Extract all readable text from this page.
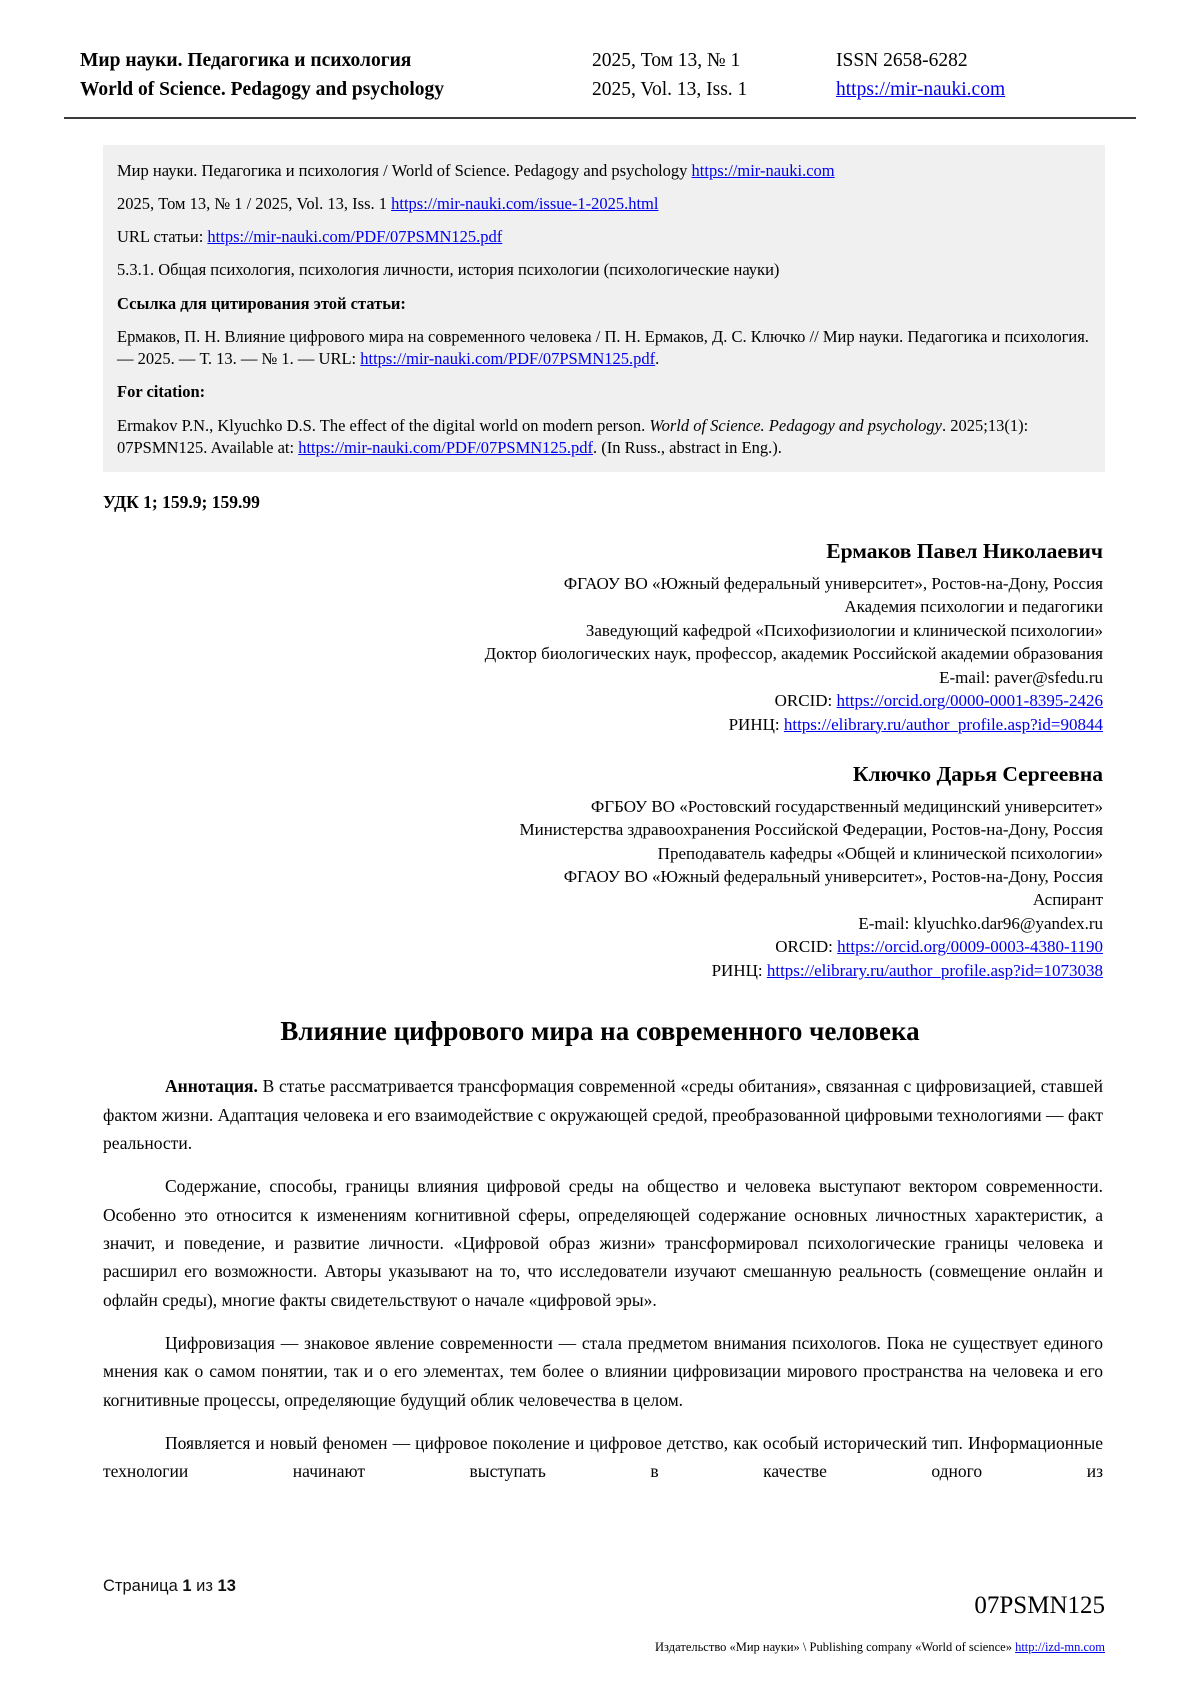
Мир науки. Педагогика и психология
World of Science. Pedagogy and psychology
2025, Том 13, № 1
2025, Vol. 13, Iss. 1
ISSN 2658-6282
https://mir-nauki.com

Мир науки. Педагогика и психология / World of Science. Pedagogy and psychology https://mir-nauki.com

2025, Том 13, № 1 / 2025, Vol. 13, Iss. 1 https://mir-nauki.com/issue-1-2025.html

URL статьи: https://mir-nauki.com/PDF/07PSMN125.pdf

5.3.1. Общая психология, психология личности, история психологии (психологические науки)

Ссылка для цитирования этой статьи:

Ермаков, П. Н. Влияние цифрового мира на современного человека / П. Н. Ермаков, Д. С. Ключко // Мир науки. Педагогика и психология. — 2025. — Т. 13. — № 1. — URL: https://mir-nauki.com/PDF/07PSMN125.pdf.

For citation:

Ermakov P.N., Klyuchko D.S. The effect of the digital world on modern person. World of Science. Pedagogy and psychology. 2025;13(1): 07PSMN125. Available at: https://mir-nauki.com/PDF/07PSMN125.pdf. (In Russ., abstract in Eng.).

УДК 1; 159.9; 159.99
Ермаков Павел Николаевич
ФГАОУ ВО «Южный федеральный университет», Ростов-на-Дону, Россия
Академия психологии и педагогики
Заведующий кафедрой «Психофизиологии и клинической психологии»
Доктор биологических наук, профессор, академик Российской академии образования
E-mail: paver@sfedu.ru
ORCID: https://orcid.org/0000-0001-8395-2426
РИНЦ: https://elibrary.ru/author_profile.asp?id=90844
Ключко Дарья Сергеевна
ФГБОУ ВО «Ростовский государственный медицинский университет»
Министерства здравоохранения Российской Федерации, Ростов-на-Дону, Россия
Преподаватель кафедры «Общей и клинической психологии»
ФГАОУ ВО «Южный федеральный университет», Ростов-на-Дону, Россия
Аспирант
E-mail: klyuchko.dar96@yandex.ru
ORCID: https://orcid.org/0009-0003-4380-1190
РИНЦ: https://elibrary.ru/author_profile.asp?id=1073038
Влияние цифрового мира на современного человека

Аннотация. В статье рассматривается трансформация современной «среды обитания», связанная с цифровизацией, ставшей фактом жизни. Адаптация человека и его взаимодействие с окружающей средой, преобразованной цифровыми технологиями — факт реальности.

Содержание, способы, границы влияния цифровой среды на общество и человека выступают вектором современности. Особенно это относится к изменениям когнитивной сферы, определяющей содержание основных личностных характеристик, а значит, и поведение, и развитие личности. «Цифровой образ жизни» трансформировал психологические границы человека и расширил его возможности. Авторы указывают на то, что исследователи изучают смешанную реальность (совмещение онлайн и офлайн среды), многие факты свидетельствуют о начале «цифровой эры».

Цифровизация — знаковое явление современности — стала предметом внимания психологов. Пока не существует единого мнения как о самом понятии, так и о его элементах, тем более о влиянии цифровизации мирового пространства на человека и его когнитивные процессы, определяющие будущий облик человечества в целом.

Появляется и новый феномен — цифровое поколение и цифровое детство, как особый исторический тип. Информационные технологии начинают выступать в качестве одного из

Страница 1 из 13
07PSMN125
Издательство «Мир науки» \ Publishing company «World of science» http://izd-mn.com
